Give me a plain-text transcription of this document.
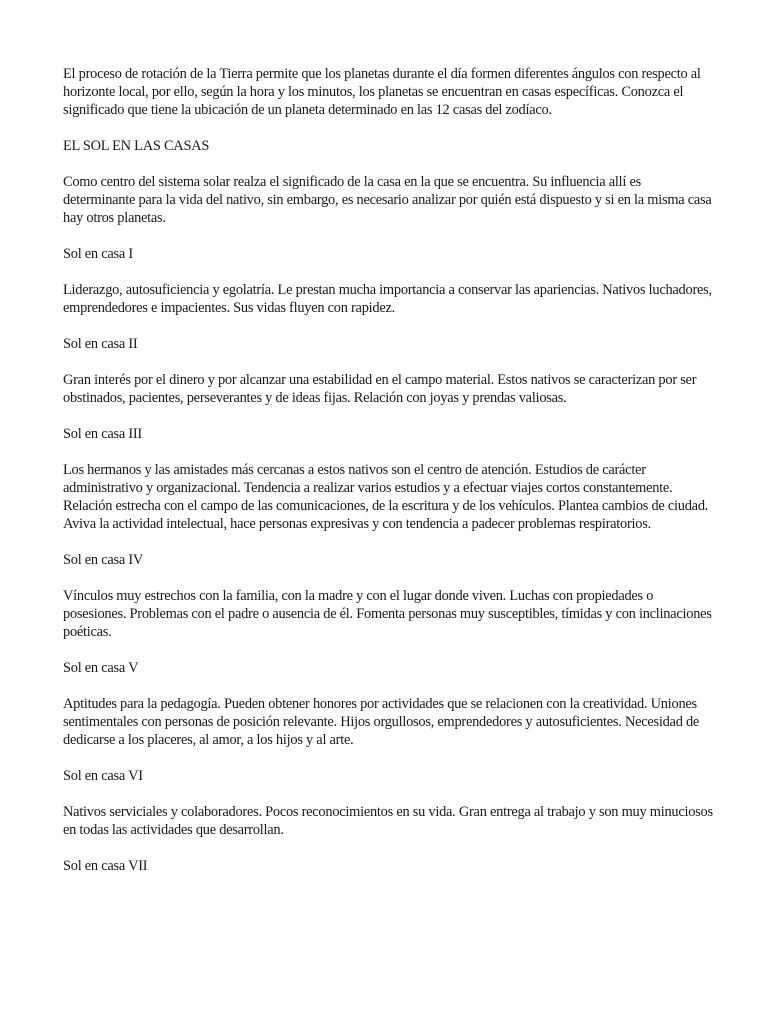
El proceso de rotación de la Tierra permite que los planetas durante el día formen diferentes ángulos con respecto al horizonte local, por ello, según la hora y los minutos, los planetas se encuentran en casas específicas. Conozca el significado que tiene la ubicación de un planeta determinado en las 12 casas del zodíaco.

EL SOL EN LAS CASAS

Como centro del sistema solar realza el significado de la casa en la que se encuentra. Su influencia allí es determinante para la vida del nativo, sin embargo, es necesario analizar por quién está dispuesto y si en la misma casa hay otros planetas.

Sol en casa I

Liderazgo, autosuficiencia y egolatría. Le prestan mucha importancia a conservar las apariencias. Nativos luchadores, emprendedores e impacientes. Sus vidas fluyen con rapidez.

Sol en casa II

Gran interés por el dinero y por alcanzar una estabilidad en el campo material. Estos nativos se caracterizan por ser obstinados, pacientes, perseverantes y de ideas fijas. Relación con joyas y prendas valiosas.

Sol en casa III

Los hermanos y las amistades más cercanas a estos nativos son el centro de atención. Estudios de carácter administrativo y organizacional. Tendencia a realizar varios estudios y a efectuar viajes cortos constantemente. Relación estrecha con el campo de las comunicaciones, de la escritura y de los vehículos. Plantea cambios de ciudad. Aviva la actividad intelectual, hace personas expresivas y con tendencia a padecer problemas respiratorios.

Sol en casa IV

Vínculos muy estrechos con la familia, con la madre y con el lugar donde viven. Luchas con propiedades o posesiones. Problemas con el padre o ausencia de él. Fomenta personas muy susceptibles, tímidas y con inclinaciones poéticas.

Sol en casa V

Aptitudes para la pedagogía. Pueden obtener honores por actividades que se relacionen con la creatividad. Uniones sentimentales con personas de posición relevante. Hijos orgullosos, emprendedores y autosuficientes. Necesidad de dedicarse a los placeres, al amor, a los hijos y al arte.

Sol en casa VI

Nativos serviciales y colaboradores. Pocos reconocimientos en su vida. Gran entrega al trabajo y son muy minuciosos en todas las actividades que desarrollan.

Sol en casa VII
